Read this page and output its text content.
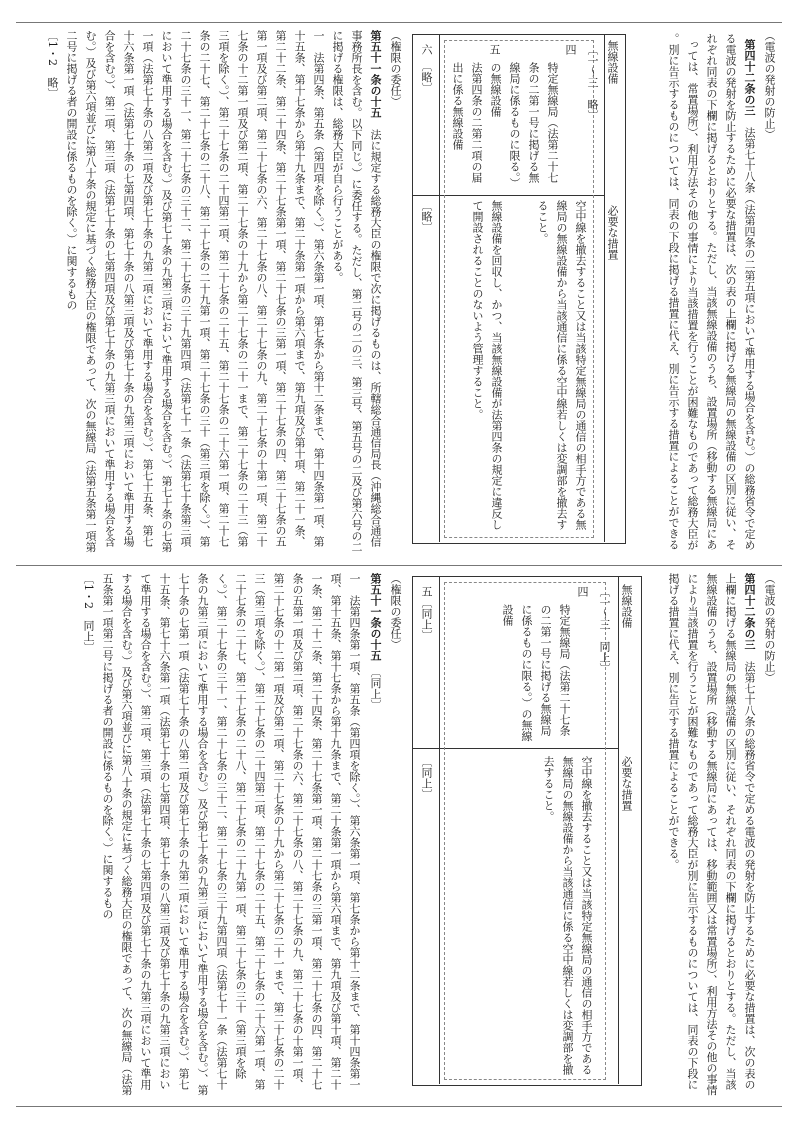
（電波の発射の防止）
第四十二条の三　法第七十八条（法第四条の二第五項において準用する場合を含む。）の総務省令で定める電波の発射を防止するために必要な措置は、次の表の上欄に掲げる無線局の無線設備の区別に従い、それぞれ同表の下欄に掲げるとおりとする。ただし、当該無線設備のうち、設置場所（移動する無線局にあっては、常置場所）、利用方法その他の事情により当該措置を行うことが困難なものであって総務大臣が別に告示するものについては、同表の下段に掲げる措置に代え、別に告示する措置によることができる。
無線設備
必要な措置
〔一～三　略〕
四
特定無線局（法第二十七条の二第一号に掲げる無線局に係るものに限る。）の無線設備
空中線を撤去すること又は当該特定無線局の通信の相手方である無線局の無線設備から当該通信に係る空中線若しくは変調部を撤去すること。
五
法第四条の二第二項の届出に係る無線設備
無線設備を回収し、かつ、当該無線設備が法第四条の規定に違反して開設されることのないよう管理すること。
六　〔略〕
〔略〕
（権限の委任）
第五十一条の十五　法に規定する総務大臣の権限で次に掲げるものは、所轄総合通信局長（沖縄総合通信事務所長を含む。以下同じ。）に委任する。ただし、第二号の二の三、第三号、第五号の二及び第六号の二に掲げる権限は、総務大臣が自ら行うことがある。
一　法第四条、第五条（第四項を除く。）、第六条第一項、第七条から第十二条まで、第十四条第一項、第十五条、第十七条から第十九条まで、第二十条第一項から第六項まで、第九項及び第十項、第二十一条、第二十二条、第二十四条、第二十七条第一項、第二十七条の三第一項、第二十七条の四、第二十七条の五第一項及び第二項、第二十七条の六、第二十七条の八、第二十七条の九、第二十七条の十第一項、第二十七条の十二第一項及び第二項、第二十七条の十九から第二十七条の二十一まで、第二十七条の二十三（第三項を除く。）、第二十七条の二十四第二項、第二十七条の二十五、第二十七条の二十六第一項、第二十七条の二十七、第二十七条の二十八、第二十七条の二十九第一項、第二十七条の三十（第三項を除く。）、第二十七条の三十一、第二十七条の三十二、第二十七条の三十九第四項（法第七十一条（法第七十条第三項において準用する場合を含む。）及び第七十条の九第三項において準用する場合を含む。）、第七十条の七第一項（法第七十条の八第二項及び第七十条の九第二項において準用する場合を含む。）、第七十五条、第七十六条第一項（法第七十条の七第四項、第七十条の八第三項及び第七十条の九第三項において準用する場合を含む。）、第二項、第三項（法第七十条の七第四項及び第七十条の九第三項において準用する場合を含む。）及び第六項並びに第八十条の規定に基づく総務大臣の権限であって、次の無線局（法第五条第一項第二号に掲げる者の開設に係るものを除く。）に関するもの
〔1・2　略〕
（電波の発射の防止）
第四十二条の三　法第七十八条の総務省令で定める電波の発射を防止するために必要な措置は、次の表の上欄に掲げる無線局の無線設備の区別に従い、それぞれ同表の下欄に掲げるとおりとする。ただし、当該無線設備のうち、設置場所（移動する無線局にあっては、移動範囲又は常置場所）、利用方法その他の事情により当該措置を行うことが困難なものであって総務大臣が別に告示するものについては、同表の下段に掲げる措置に代え、別に告示する措置によることができる。
無線設備
必要な措置
〔一～三　同上〕
四
特定無線局（法第二十七条の二第一号に掲げる無線局に係るものに限る。）の無線設備
空中線を撤去すること又は当該特定無線局の通信の相手方である無線局の無線設備から当該通信に係る空中線若しくは変調部を撤去すること。
五〔同上〕
〔同上〕
（権限の委任）
第五十一条の十五　〔同上〕
一　法第四条第一項、第五条（第四項を除く。）、第六条第一項、第七条から第十二条まで、第十四条第一項、第十五条、第十七条から第十九条まで、第二十条第一項から第六項まで、第九項及び第十項、第二十一条、第二十二条、第二十四条、第二十七条第一項、第二十七条の三第一項、第二十七条の四、第二十七条の五第一項及び第二項、第二十七条の六、第二十七条の八、第二十七条の九、第二十七条の十第一項、第二十七条の十二第一項及び第二項、第二十七条の十九から第二十七条の二十一まで、第二十七条の二十三（第三項を除く。）、第二十七条の二十四第二項、第二十七条の二十五、第二十七条の二十六第一項、第二十七条の二十七、第二十七条の二十八、第二十七条の二十九第一項、第二十七条の三十（第三項を除く。）、第二十七条の三十一、第二十七条の三十二、第二十七条の三十九第四項（法第七十一条（法第七十条の九第三項において準用する場合を含む。）及び第七十条の九第三項において準用する場合を含む。）、第七十条の七第一項（法第七十条の八第二項及び第七十条の九第二項において準用する場合を含む。）、第七十五条、第七十六条第一項（法第七十条の七第四項、第七十条の八第三項及び第七十条の九第三項において準用する場合を含む。）、第二項、第三項（法第七十条の七第四項及び第七十条の九第三項において準用する場合を含む。）及び第六項並びに第八十条の規定に基づく総務大臣の権限であって、次の無線局（法第五条第一項第二号に掲げる者の開設に係るものを除く。）に関するもの
〔1・2　同上〕
